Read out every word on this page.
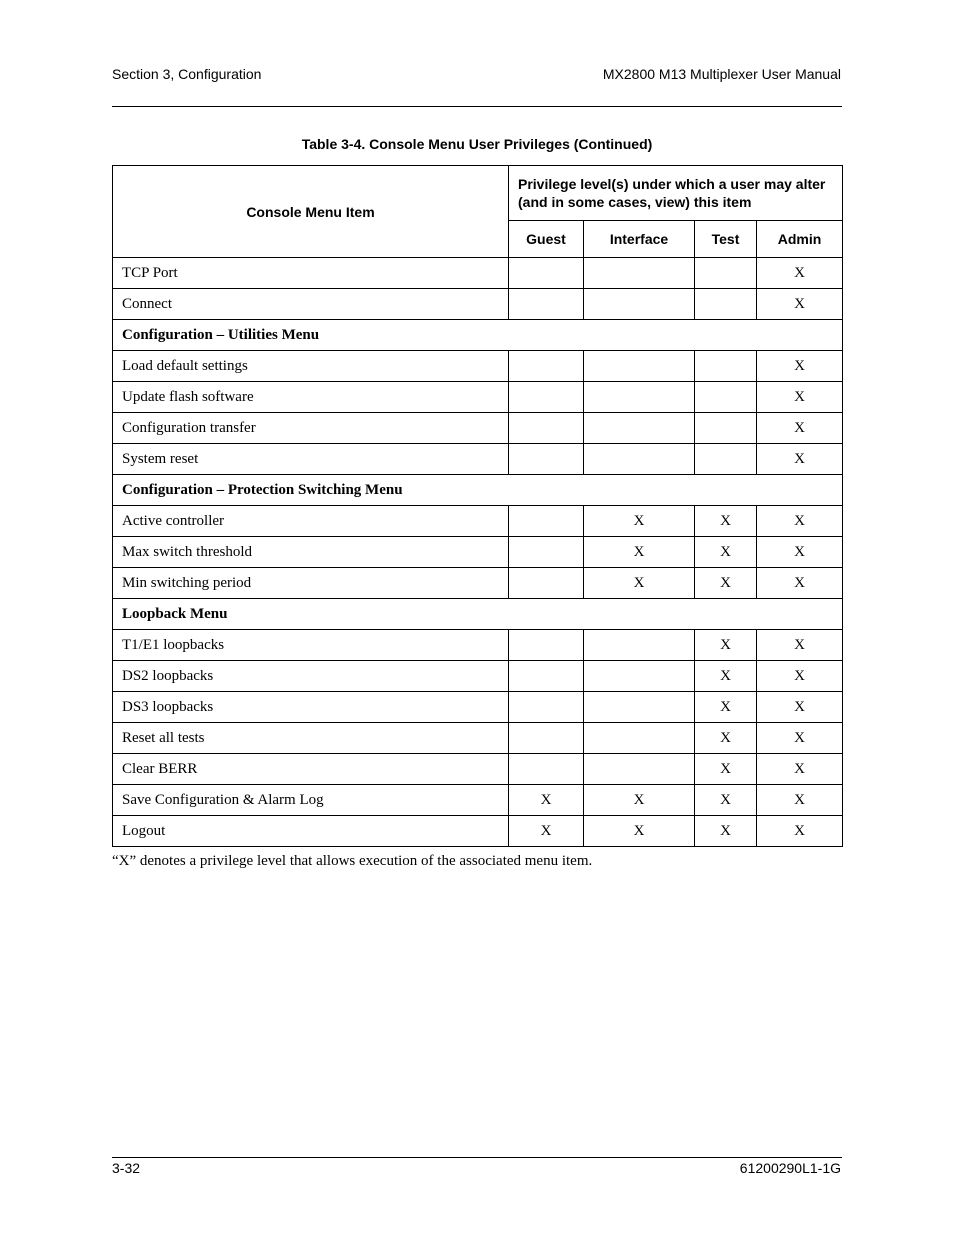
Section 3, Configuration	MX2800 M13 Multiplexer User Manual
Table 3-4. Console Menu User Privileges (Continued)
Console Menu Item	Privilege level(s) under which a user may alter (and in some cases, view) this item			
	Guest	Interface	Test	Admin
TCP Port				X
Connect				X
Configuration – Utilities Menu				
Load default settings				X
Update flash software				X
Configuration transfer				X
System reset				X
Configuration – Protection Switching Menu				
Active controller		X	X	X
Max switch threshold		X	X	X
Min switching period		X	X	X
Loopback Menu				
T1/E1 loopbacks			X	X
DS2 loopbacks			X	X
DS3 loopbacks			X	X
Reset all tests			X	X
Clear BERR			X	X
Save Configuration & Alarm Log	X	X	X	X
Logout	X	X	X	X
“X” denotes a privilege level that allows execution of the associated menu item.
3-32	61200290L1-1G
